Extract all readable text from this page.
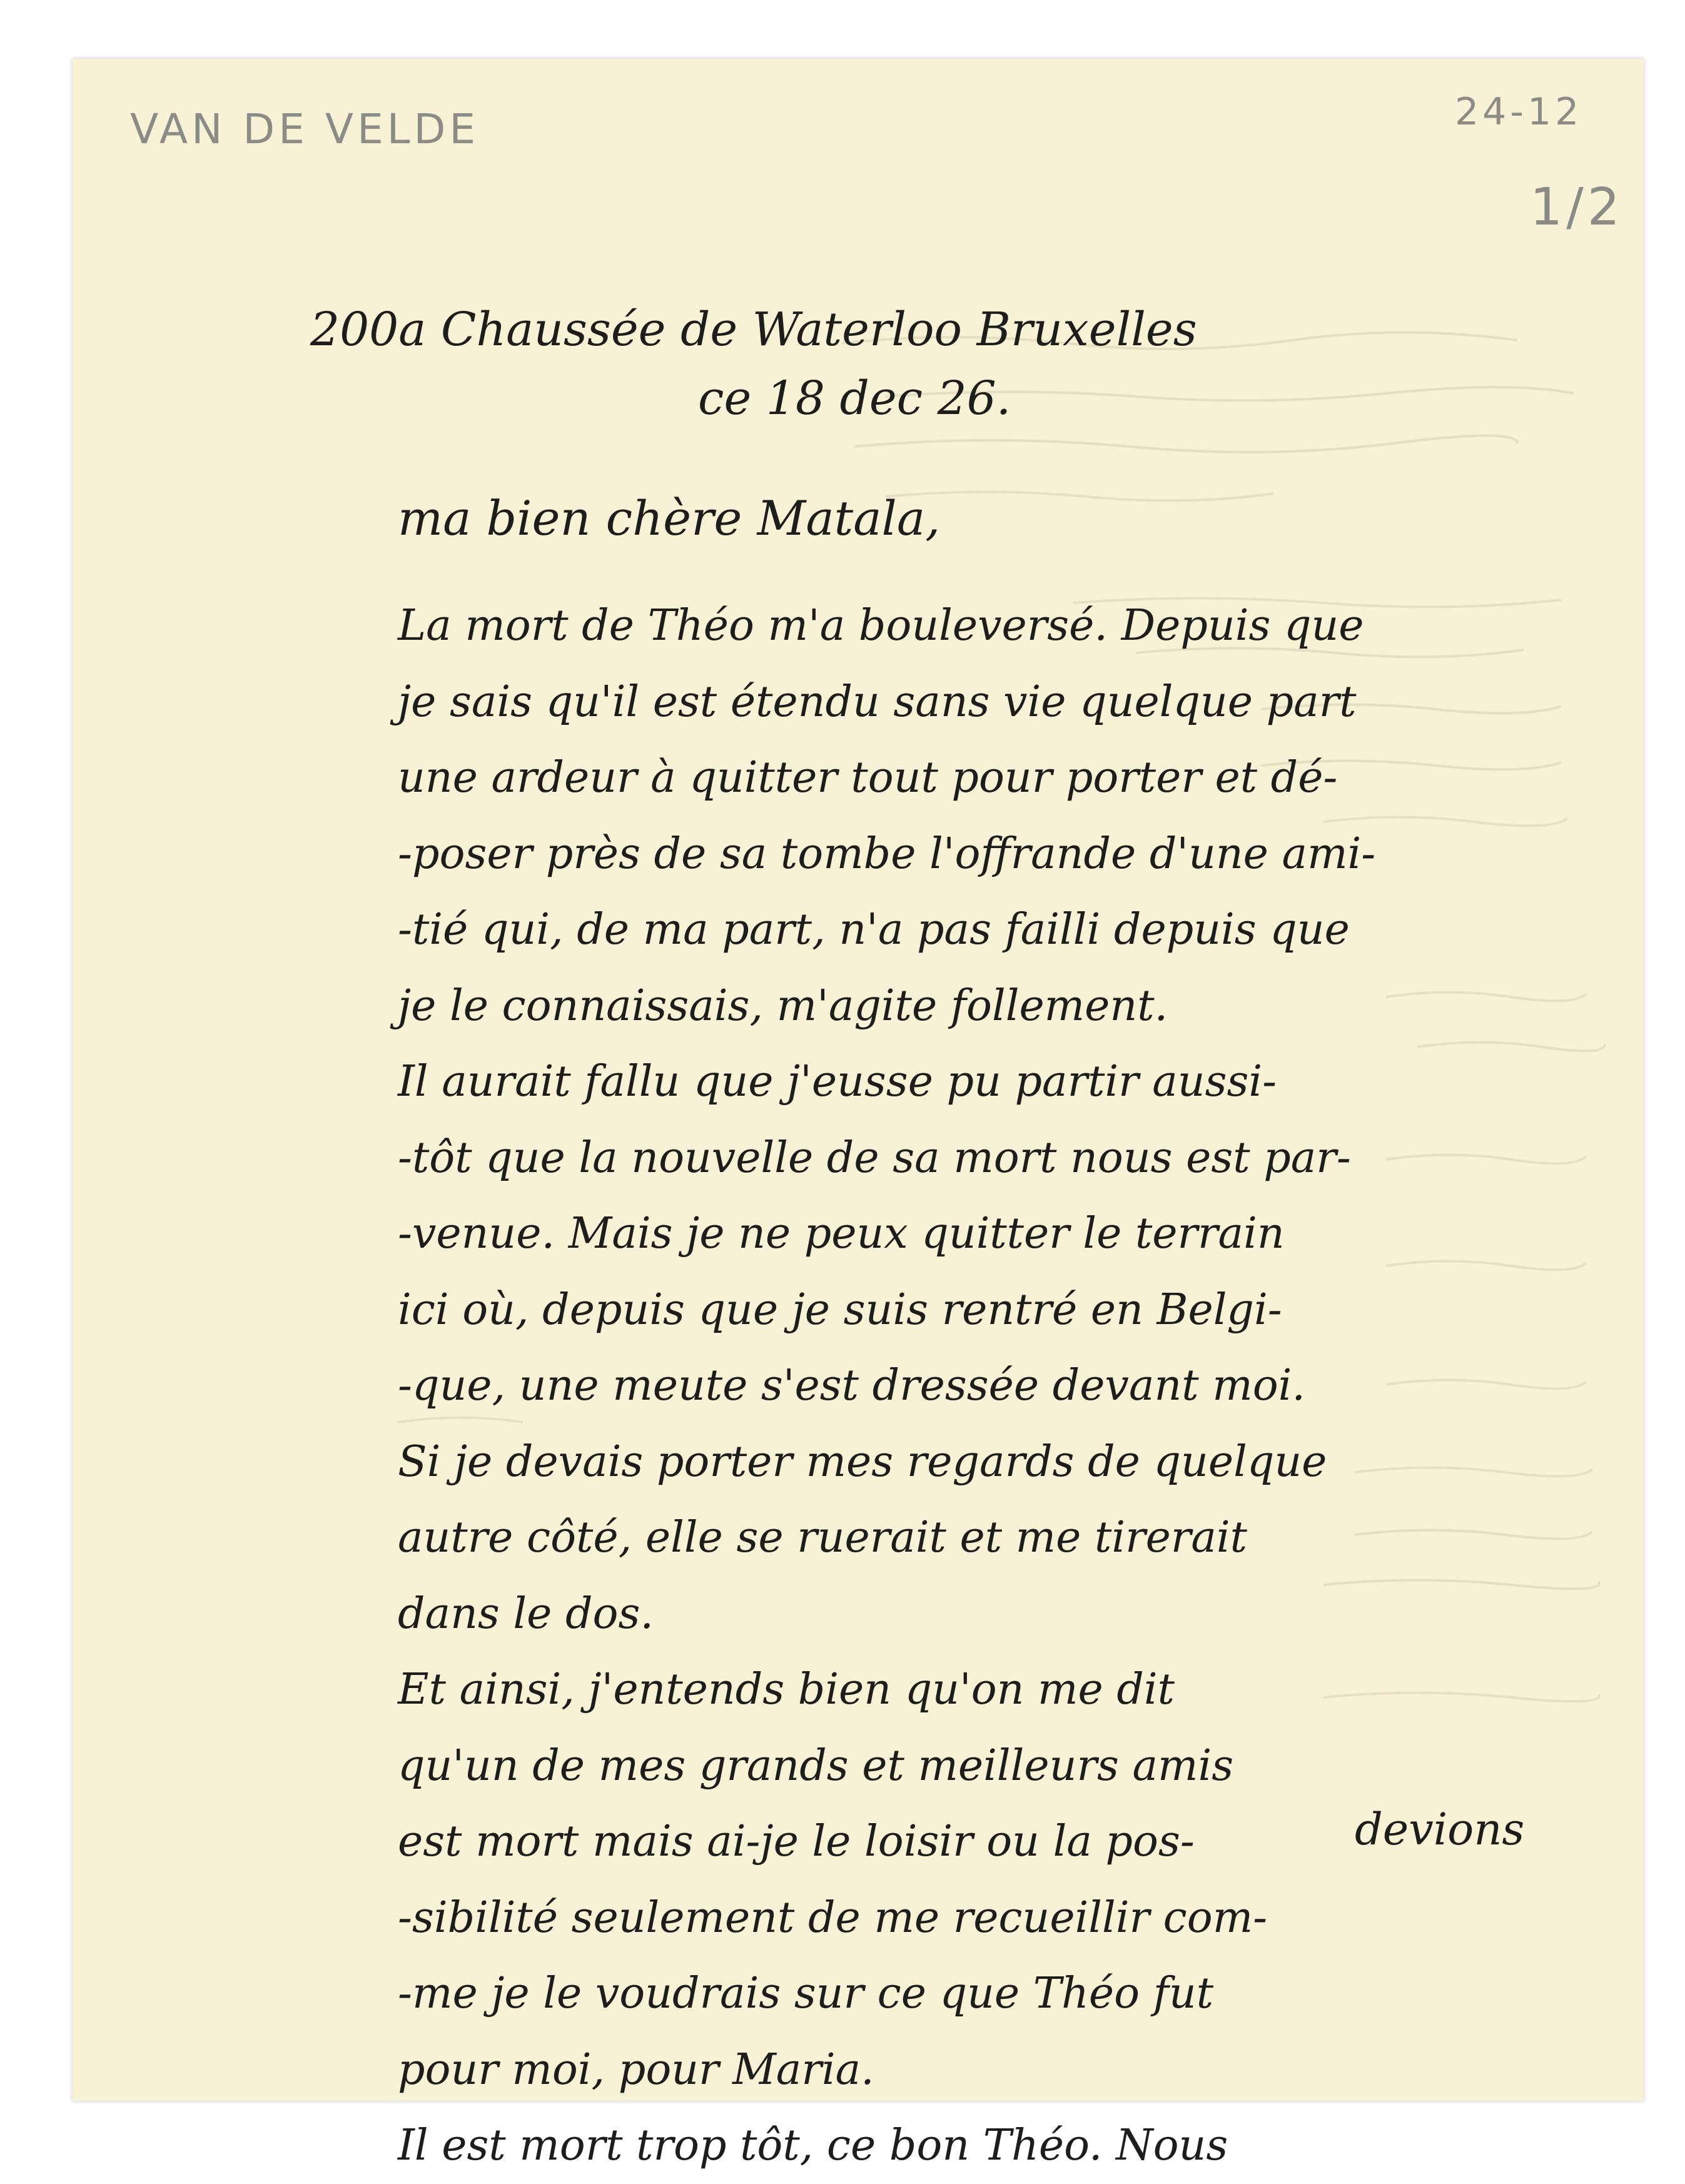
VAN DE VELDE	24-12
1/2
200a Chaussée de Waterloo Bruxelles
ce 18 dec 26.
ma bien chère Matala,
La mort de Théo m'a bouleversé. Depuis que
je sais qu'il est étendu sans vie quelque part
une ardeur à quitter tout pour porter et dé-
-poser près de sa tombe l'offrande d'une ami-
-tié qui, de ma part, n'a pas failli depuis que
je le connaissais, m'agite follement.
Il aurait fallu que j'eusse pu partir aussi-
-tôt que la nouvelle de sa mort nous est par-
-venue. Mais je ne peux quitter le terrain
ici où, depuis que je suis rentré en Belgi-
-que, une meute s'est dressée devant moi.
Si je devais porter mes regards de quelque
autre côté, elle se ruerait et me tirerait
dans le dos.
Et ainsi, j'entends bien qu'on me dit
qu'un de mes grands et meilleurs amis
est mort mais ai-je le loisir ou la pos-
-sibilité seulement de me recueillir com-
-me je le voudrais sur ce que Théo fut
pour moi, pour Maria.
Il est mort trop tôt, ce bon Théo. Nous
devions
